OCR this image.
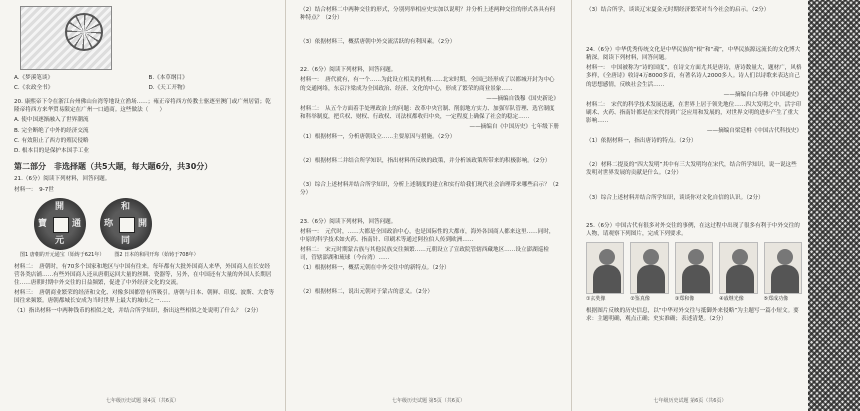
A.《梦溪笔谈》	B.《本草纲目》

C.《农政全书》	D.《天工开物》

20. 康熙帝下令在浙江台州佛山台湾等地设立渔场……；雍正帝将西方传教士驱逐至澳门或广州居留；乾隆帝将西方来华贸易限定在广州一口通商。这些做法（　　）

A. 使中国逐渐融入了世界潮流

B. 完全断绝了中外的经济交流

C. 有效阻止了西方的殖民侵略

D. 根本目的是保护本国手工业

第二部分　非选择题（共5大题，每大题6分，共30分）

21.（6分）阅读下列材料，回答问题。

材料一：　9-7世

開
元
通
寶
和
同
開
珎
图1 唐朝的开元通宝（始铸于621年） 图2 日本的和同开珎（始铸于708年）

材料二：　唐朝时，有70多个国家和地区与中国有往来。每年都有大批外国商人来华，外国商人在长安经营各类店铺……有些外国商人还从唐朝运回大量的丝绸、瓷器等，另外，在中国还有大量的外国人长期居住……唐朝时期中外交往的日益频繁，促进了中外经济文化的交流。

材料三：　唐朝商业繁荣的经济和文化、对像多国都曾有所吸引。唐朝与日本、朝鲜、印度、波斯、大食等国往来频繁。唐朝都城长安成为当时世界上最大的城市之一……

（1）指出材料一中两种钱币的相似之处，并结合所学知识，指出这些相似之处说明了什么？（2分）

七年级历史试题 第4页（共6页）

（2）结合材料二中两种交往的形式，分别列举相应史实加以说明？并分析上述两种交往的形式各具有何种特点？（2分）

（3）依据材料三，概括唐朝中外交流活跃的有利因素。（2分）

22.（6分）阅读下列材料，回答问题。

材料一：　唐代就有，有一个……为此设立相关的机构……北宋时期，全国已经形成了以都城开封为中心的交通网络，东京汴梁成为全国政治、经济、文化的中心，形成了繁荣的商业景象……

——摘编自钱穆《国史新论》

材料二：　从五个方面着手处理政治上的问题：改革中央官制、削弱地方实力、加强军队管理、选官制度和科举制度，把兵权、财权、行政权、司法权都收归中央，一定程度上确保了社会的稳定……

——摘编自《中国历史》七年级下册

（1）根据材料一，分析唐朝设立……主要原因与措施。（2分）

（2）根据材料二并结合所学知识，指出材料所反映的政策，并分析该政策所带来的积极影响。（2分）

（3）综合上述材料并结合所学知识，分析上述制度的建立和实行给我们现代社会治理带来哪些启示？（2分）

23.（6分）阅读下列材料，回答问题。

材料一：　元代时，……大都是全国政治中心，也是国际性的大都市，海外各国商人都来这里……同时，中原的科学技术如火药、指南针、印刷术等通过阿拉伯人传到欧洲……

材料二：　宋元时期蒙古族与其他民族交往频繁……元朝设立了宣政院管辖西藏地区……设立澎湖巡检司，管辖澎湖和琉球（今台湾）……

（1）根据材料一，概括元朝在中外交往中的新特点。（2分）

（2）根据材料二，说出元朝对于蒙古的意义。（2分）

七年级历史试题 第5页（共6页）

（3）结合所学，谈谈辽宋夏金元时期经济繁荣对当今社会的启示。（2分）

24.（6分）中华优秀传统文化是中华民族的“根”和“魂”，中华民族源远流长的文化博大精深。阅读下列材料，回答问题。

材料一：　中国被称为“诗的国度”，在诗文方面尤其是唐诗，唐诗数量大，题材广，风格多样，《全唐诗》收诗4万8000多首，有著名诗人2000多人。诗人们以诗歌来表达自己的思想感情，反映社会生活……

——摘编自白寿彝《中国通史》

材料二：　宋代的科学技术发展迅速，在世界上居于领先地位……四大发明之中，活字印刷术、火药、指南针都是在宋代得到广泛应用和发展的，对世界文明的进步产生了重大影响……

——摘编自梁廷枏《中国古代科技史》

（1）依据材料一，指出唐诗的特点。（2分）

（2）材料二提及的“四大发明”其中有三大发明均在宋代，结合所学知识，说一说这些发明对世界发展的贡献是什么。（2分）

（3）综合上述材料并结合所学知识，谈谈你对文化自信的认识。（2分）

25.（6分）中国古代有很多对外交往的事例，在这过程中出现了很多有利于中外交往的人物，请观察下列图片，完成下列要求。

①玄奘像	②鉴真像	③郑和像	④戚继光像	⑤郑成功像

根据图片反映的历史信息，以“中华对外交往与抵御外来侵略”为主题写一篇小短文。要求：主题明确，观点正确；史实准确；表述清楚。（2分）

七年级历史试题 第6页（共6页）
